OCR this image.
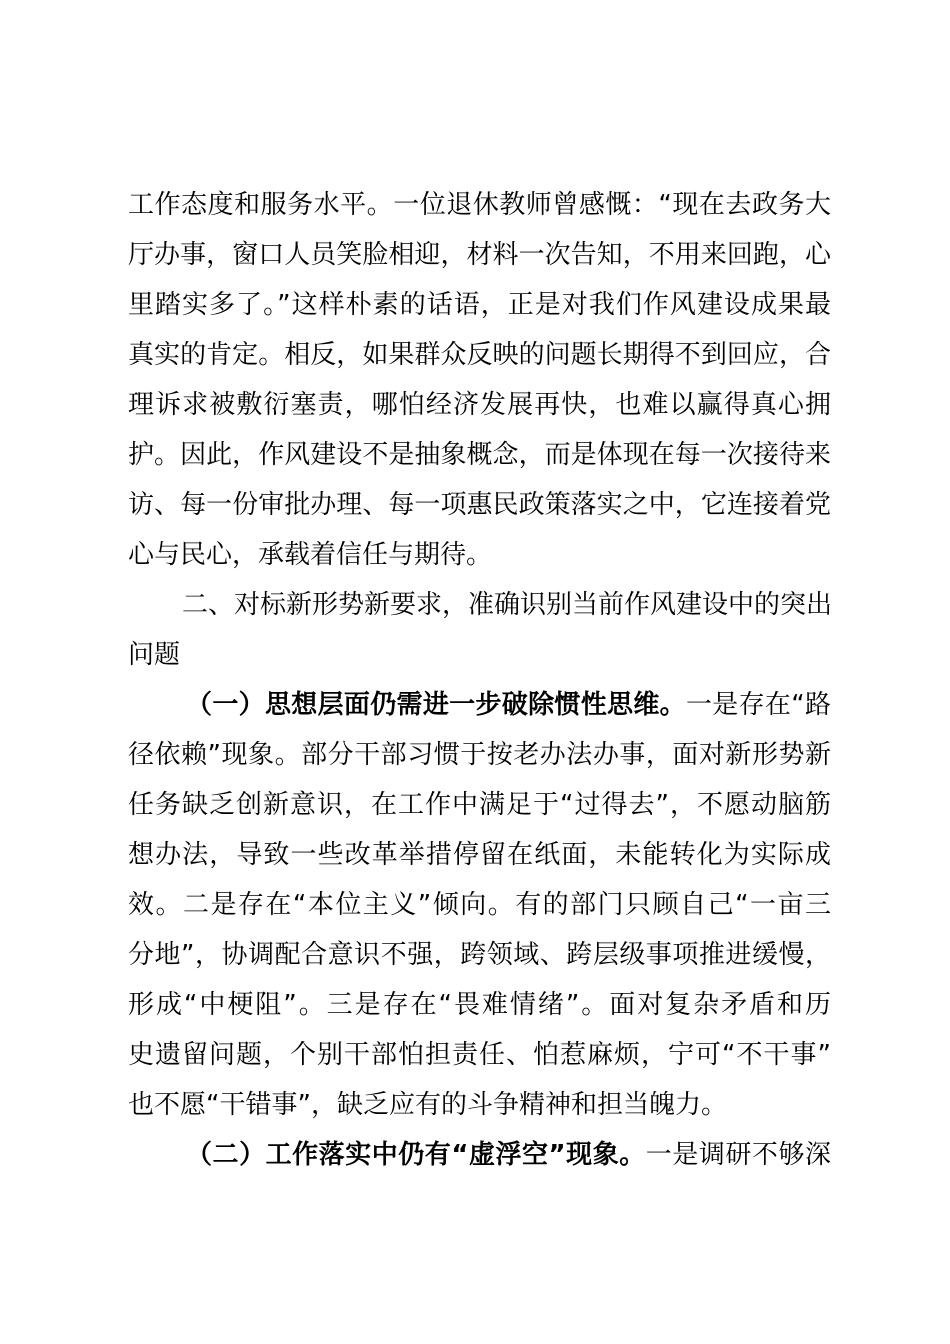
工作态度和服务水平。一位退休教师曾感慨：“现在去政务大
厅办事，窗口人员笑脸相迎，材料一次告知，不用来回跑，心
里踏实多了。”这样朴素的话语，正是对我们作风建设成果最
真实的肯定。相反，如果群众反映的问题长期得不到回应，合
理诉求被敷衍塞责，哪怕经济发展再快，也难以赢得真心拥
护。因此，作风建设不是抽象概念，而是体现在每一次接待来
访、每一份审批办理、每一项惠民政策落实之中，它连接着党
心与民心，承载着信任与期待。
二、对标新形势新要求，准确识别当前作风建设中的突出
问题
（一）思想层面仍需进一步破除惯性思维。一是存在“路
径依赖”现象。部分干部习惯于按老办法办事，面对新形势新
任务缺乏创新意识，在工作中满足于“过得去”，不愿动脑筋
想办法，导致一些改革举措停留在纸面，未能转化为实际成
效。二是存在“本位主义”倾向。有的部门只顾自己“一亩三
分地”，协调配合意识不强，跨领域、跨层级事项推进缓慢，
形成“中梗阻”。三是存在“畏难情绪”。面对复杂矛盾和历
史遗留问题，个别干部怕担责任、怕惹麻烦，宁可“不干事”
也不愿“干错事”，缺乏应有的斗争精神和担当魄力。
（二）工作落实中仍有“虚浮空”现象。一是调研不够深
